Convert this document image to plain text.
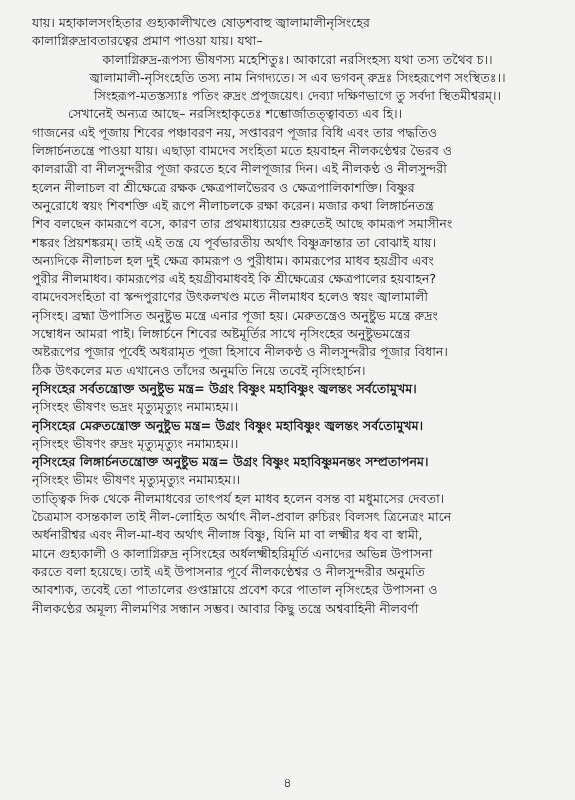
যায়। মহাকালসংহিতার গুহ্যকালীখণ্ডে ষোড়শবাহু জ্বালামালীনৃসিংহের
কালাগ্নিরুদ্রাবতারত্বের প্রমাণ পাওয়া যায়। যথা–
কালাগ্নিরুদ্র-রূপস্য ভীষণস্য মহেশিতুঃ। আকারো নরসিংহস্য যথা তস্য তথৈব চ।।
জ্বালামালী-নৃসিংহেতি তস্য নাম নিগদ্যতে। স এব ভগবন্ রুদ্রঃ সিংহরূপেণ সংস্থিতঃ।।
সিংহরূপ-মতস্তস্যাঃ পতিং রুদ্রং প্রপূজয়েৎ। দেব্যা দক্ষিণভাগে তু সর্বদা স্থিতমীশ্বরম্।।
সেখানেই অন্যত্র আছে– নরসিংহাকৃতেঃ শম্ভোর্জাতত্ত্বাবত্য এব হি।।
গাজনের এই পূজায় শিবের পঞ্চাবরণ নয়, সপ্তাবরণ পূজার বিধি এবং তার পদ্ধতিও
লিঙ্গার্চনতন্ত্রে পাওয়া যায়। এছাড়া বামদেব সংহিতা মতে হয়বাহন নীলকণ্ঠেশ্বর ভৈরব ও
কালরাত্রী বা নীলসুন্দরীর পূজা করতে হবে নীলপূজার দিন। এই নীলকণ্ঠ ও নীলসুন্দরী
হলেন নীলাচল বা শ্রীক্ষেত্রে রক্ষক ক্ষেত্রপালভৈরব ও ক্ষেত্রপালিকাশক্তি। বিষ্ণুর
অনুরোধে স্বয়ং শিবশক্তি এই রূপে নীলাচলকে রক্ষা করেন। মজার কথা লিঙ্গার্চনতন্ত্র
শিব বলছেন কামরূপে বসে, কারণ তার প্রথমাধ্যায়ের শুরুতেই আছে কামরূপ সমাসীনং
শঙ্করং প্রিয়শঙ্করম্। তাই এই তন্ত্র যে পূর্বভারতীয় অর্থাৎ বিষ্ণুক্রান্তার তা বোঝাই যায়।
অন্যদিকে নীলাচল হল দুই ক্ষেত্র কামরূপ ও পুরীধাম। কামরূপের মাধব হয়গ্রীব এবং
পুরীর নীলমাধব। কামরূপের এই হয়গ্রীবমাধবই কি শ্রীক্ষেত্রের ক্ষেত্রপালের হয়বাহন?
বামদেবসংহিতা বা স্কন্দপুরাণের উৎকলখণ্ড মতে নীলমাধব হলেও স্বয়ং জ্বালামালী
নৃসিংহ। ব্রহ্মা উপাসিত অনুষ্টুভ মন্ত্রে এনার পূজা হয়। মেরুতন্ত্রেও অনুষ্টুভ মন্ত্রে রুদ্রং
সম্বোধন আমরা পাই। লিঙ্গার্চনে শিবের অষ্টমূর্তির সাথে নৃসিংহের অনুষ্টুভমন্ত্রের
অষ্টরূপের পূজার পূর্বেই অধরামৃত পূজা হিসাবে নীলকণ্ঠ ও নীলসুন্দরীর পূজার বিধান।
ঠিক উৎকলের মত এখানেও তাঁদের অনুমতি নিয়ে তবেই নৃসিংহার্চন।
নৃসিংহের সর্বতন্ত্রোক্ত অনুষ্টুভ মন্ত্র= উগ্রং বিষ্ণুং মহাবিষ্ণুং জ্বলন্তং সর্বতোমুখম।
নৃসিংহং ভীষণং ভদ্রং মৃত্যুমৃত্যুং নমাম্যহম।।
নৃসিংহের মেরুতন্ত্রোক্ত অনুষ্টুভ মন্ত্র= উগ্রং বিষ্ণুং মহাবিষ্ণুং জ্বলন্তং সর্বতোমুখম।
নৃসিংহং ভীষণং রুদ্রং মৃত্যুমৃত্যুং নমাম্যহম।।
নৃসিংহের লিঙ্গার্চনতন্ত্রোক্ত অনুষ্টুভ মন্ত্র= উগ্রং বিষ্ণুং মহাবিষ্ণুমনন্তং সম্প্রতাপনম।
নৃসিংহং ভীমং ভীষণং মৃত্যুমৃত্যুং নমাম্যহম।।
তাত্ত্বিক দিক থেকে নীলমাধবের তাৎপর্য হল মাধব হলেন বসন্ত বা মধুমাসের দেবতা।
চৈত্রমাস বসন্তকাল তাই নীল-লোহিত অর্থাৎ নীল-প্রবাল রুচিরং বিলসৎ ত্রিনেত্রং মানে
অর্ধনারীশ্বর এবং নীল-মা-ধব অর্থাৎ নীলাঙ্গ বিষ্ণু, যিনি মা বা লক্ষ্মীর ধব বা স্বামী,
মানে গুহ্যকালী ও কালাগ্নিরুদ্র নৃসিংহের অর্ধলক্ষ্মীহরিমূর্তি এনাদের অভিন্ন উপাসনা
করতে বলা হয়েছে। তাই এই উপাসনার পূর্বে নীলকণ্ঠেশ্বর ও নীলসুন্দরীর অনুমতি
আবশ্যক, তবেই তো পাতালের গুপ্তাম্নায়ে প্রবেশ করে পাতাল নৃসিংহের উপাসনা ও
নীলকণ্ঠের অমূল্য নীলমণির সন্ধান সম্ভব। আবার কিছু তন্ত্রে অশ্ববাহিনী নীলবর্ণা
৪
